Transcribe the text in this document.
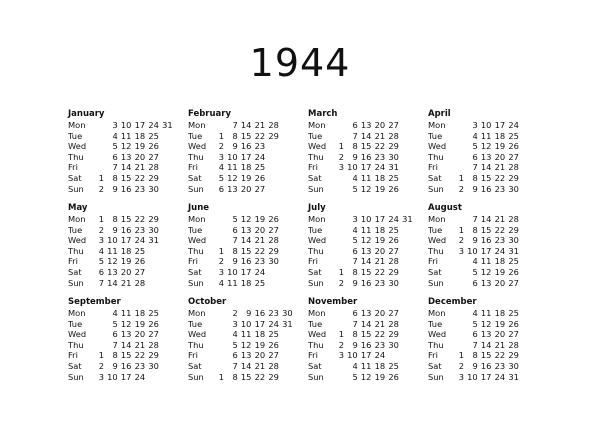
1944
January
Mon	3 10 17 24 31
Tue	4 11 18 25
Wed	5 12 19 26
Thu	6 13 20 27
Fri	7 14 21 28
Sat	1	8 15 22 29
Sun	2	9 16 23 30
February
Mon	7 14 21 28
Tue	1	8 15 22 29
Wed	2	9 16 23
Thu	3 10 17 24
Fri	4 11 18 25
Sat	5 12 19 26
Sun	6 13 20 27
March
Mon	6 13 20 27
Tue	7 14 21 28
Wed	1	8 15 22 29
Thu	2	9 16 23 30
Fri	3 10 17 24 31
Sat	4 11 18 25
Sun	5 12 19 26
April
Mon	3 10 17 24
Tue	4 11 18 25
Wed	5 12 19 26
Thu	6 13 20 27
Fri	7 14 21 28
Sat	1	8 15 22 29
Sun	2	9 16 23 30
May
Mon	1	8 15 22 29
Tue	2	9 16 23 30
Wed	3 10 17 24 31
Thu	4 11 18 25
Fri	5 12 19 26
Sat	6 13 20 27
Sun	7 14 21 28
June
Mon	5 12 19 26
Tue	6 13 20 27
Wed	7 14 21 28
Thu	1	8 15 22 29
Fri	2	9 16 23 30
Sat	3 10 17 24
Sun	4 11 18 25
July
Mon	3 10 17 24 31
Tue	4 11 18 25
Wed	5 12 19 26
Thu	6 13 20 27
Fri	7 14 21 28
Sat	1	8 15 22 29
Sun	2	9 16 23 30
August
Mon	7 14 21 28
Tue	1	8 15 22 29
Wed	2	9 16 23 30
Thu	3 10 17 24 31
Fri	4 11 18 25
Sat	5 12 19 26
Sun	6 13 20 27
September
Mon	4 11 18 25
Tue	5 12 19 26
Wed	6 13 20 27
Thu	7 14 21 28
Fri	1	8 15 22 29
Sat	2	9 16 23 30
Sun	3 10 17 24
October
Mon	2	9 16 23 30
Tue	3 10 17 24 31
Wed	4 11 18 25
Thu	5 12 19 26
Fri	6 13 20 27
Sat	7 14 21 28
Sun	1	8 15 22 29
November
Mon	6 13 20 27
Tue	7 14 21 28
Wed	1	8 15 22 29
Thu	2	9 16 23 30
Fri	3 10 17 24
Sat	4 11 18 25
Sun	5 12 19 26
December
Mon	4 11 18 25
Tue	5 12 19 26
Wed	6 13 20 27
Thu	7 14 21 28
Fri	1	8 15 22 29
Sat	2	9 16 23 30
Sun	3 10 17 24 31
